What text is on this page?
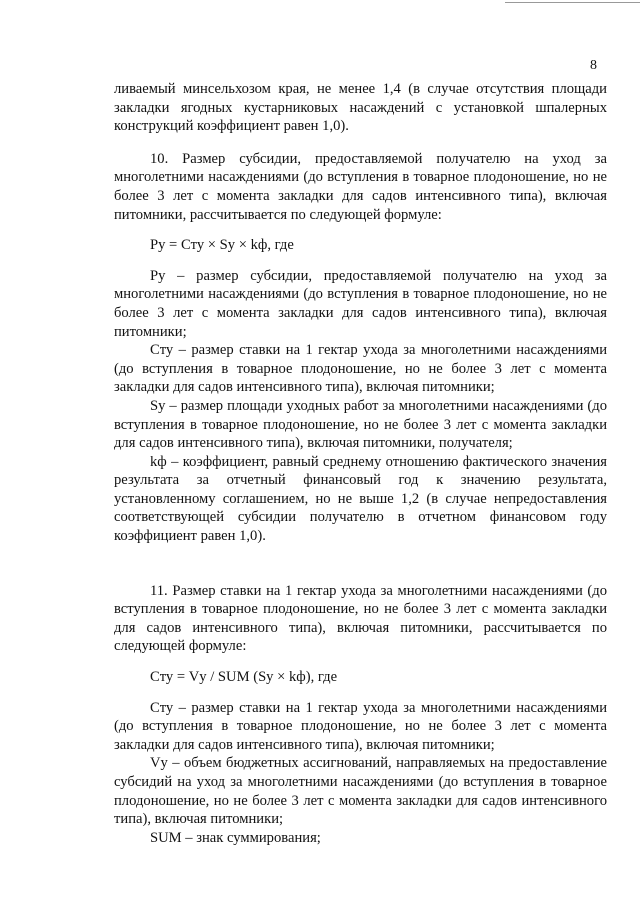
8

ливаемый минсельхозом края, не менее 1,4 (в случае отсутствия площади закладки ягодных кустарниковых насаждений с установкой шпалерных конструкций коэффициент равен 1,0).

10. Размер субсидии, предоставляемой получателю на уход за многолетними насаждениями (до вступления в товарное плодоношение, но не более 3 лет с момента закладки для садов интенсивного типа), включая питомники, рассчитывается по следующей формуле:

Pу = Cту × Sу × kф, где

Pу – размер субсидии, предоставляемой получателю на уход за многолетними насаждениями (до вступления в товарное плодоношение, но не более 3 лет с момента закладки для садов интенсивного типа), включая питомники;

Cту – размер ставки на 1 гектар ухода за многолетними насаждениями (до вступления в товарное плодоношение, но не более 3 лет с момента закладки для садов интенсивного типа), включая питомники;

Sу – размер площади уходных работ за многолетними насаждениями (до вступления в товарное плодоношение, но не более 3 лет с момента закладки для садов интенсивного типа), включая питомники, получателя;

kф – коэффициент, равный среднему отношению фактического значения результата за отчетный финансовый год к значению результата, установленному соглашением, но не выше 1,2 (в случае непредоставления соответствующей субсидии получателю в отчетном финансовом году коэффициент равен 1,0).

11. Размер ставки на 1 гектар ухода за многолетними насаждениями (до вступления в товарное плодоношение, но не более 3 лет с момента закладки для садов интенсивного типа), включая питомники, рассчитывается по следующей формуле:

Cту = Vу / SUM (Sу × kф), где

Cту – размер ставки на 1 гектар ухода за многолетними насаждениями (до вступления в товарное плодоношение, но не более 3 лет с момента закладки для садов интенсивного типа), включая питомники;

Vу – объем бюджетных ассигнований, направляемых на предоставление субсидий на уход за многолетними насаждениями (до вступления в товарное плодоношение, но не более 3 лет с момента закладки для садов интенсивного типа), включая питомники;

SUM – знак суммирования;
